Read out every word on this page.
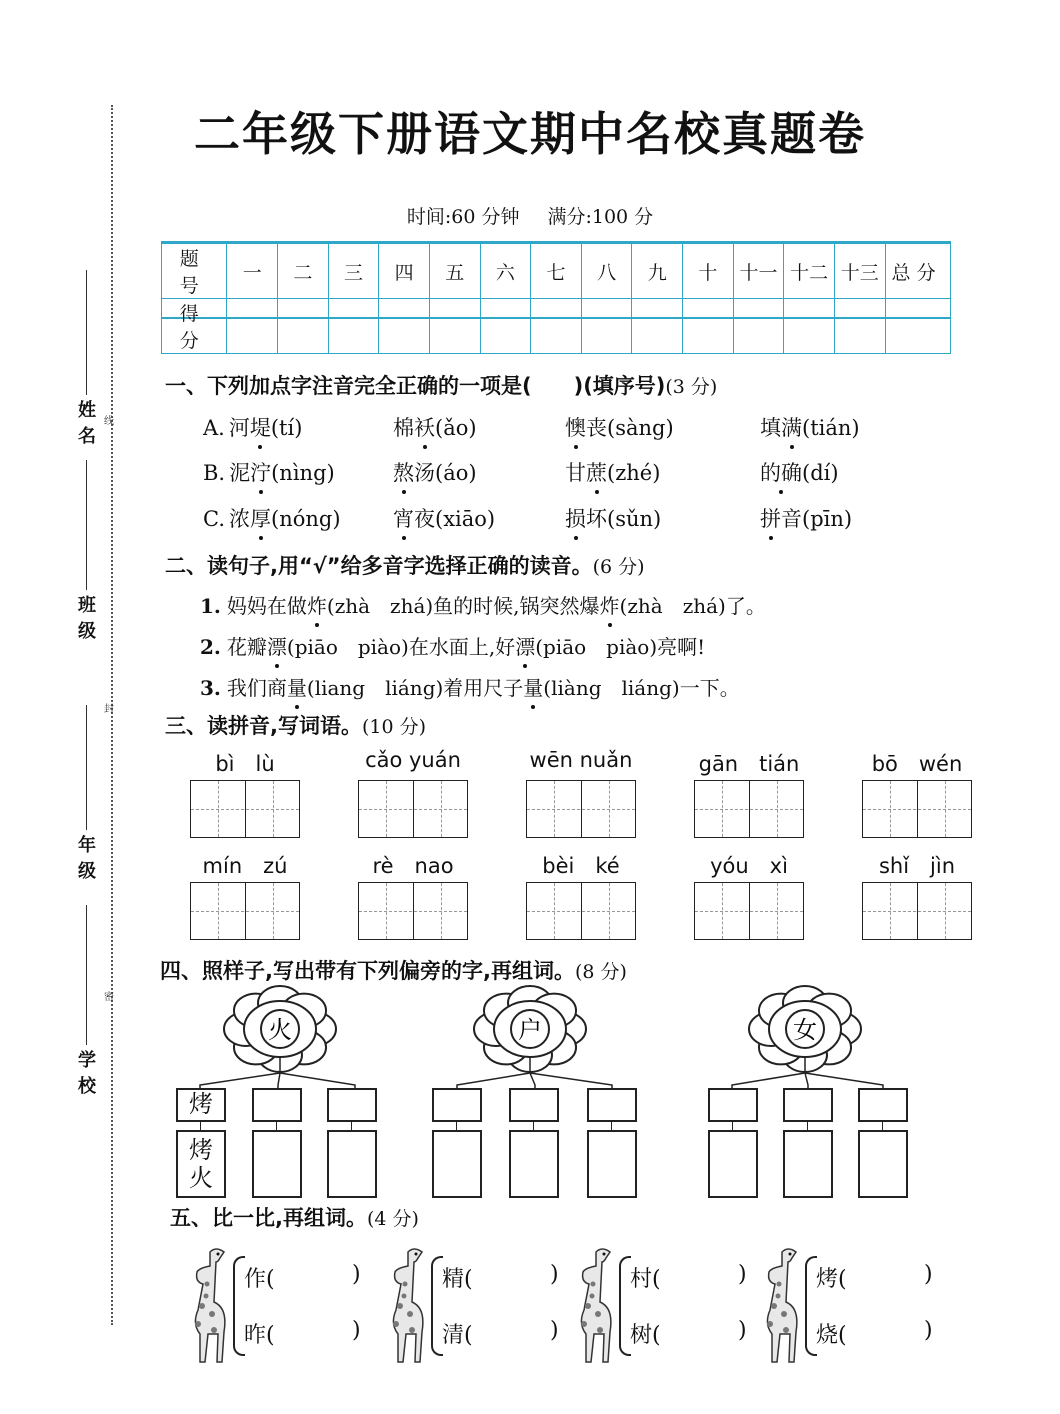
姓名
班级
年级
学校
线
封
密
二年级下册语文期中名校真题卷
时间:60 分钟 满分:100 分
题 号	一	二	三	四	五	六	七	八	九	十	十一	十二	十三	总 分
得 分														
一、下列加点字注音完全正确的一项是(　　)(填序号)(3 分)
A. 河堤(tí)	棉袄(ǎo)	懊丧(sàng)	填满(tián)
B. 泥泞(nìng)	熬汤(áo)	甘蔗(zhé)	的确(dí)
C. 浓厚(nóng) 宵夜(xiāo)	损坏(sǔn)	拼音(pīn)
二、读句子,用“√”给多音字选择正确的读音。(6 分)
1. 妈妈在做炸(zhà　zhá)鱼的时候,锅突然爆炸(zhà　zhá)了。
2. 花瓣漂(piāo　piào)在水面上,好漂(piāo　piào)亮啊!
3. 我们商量(liang　liáng)着用尺子量(liàng　liáng)一下。
三、读拼音,写词语。(10 分)
bì　lù	cǎo yuán	wēn nuǎn	gān　tián	bō　wén
mín　zú	rè　nao	bèi　ké	yóu　xì	shǐ　jìn
四、照样子,写出带有下列偏旁的字,再组词。(8 分)
火	户	女
烤
烤
火
五、比一比,再组词。(4 分)
作(	)
昨(	)
精(	)
清(	)
村(	)
树(	)
烤(	)
烧(	)
